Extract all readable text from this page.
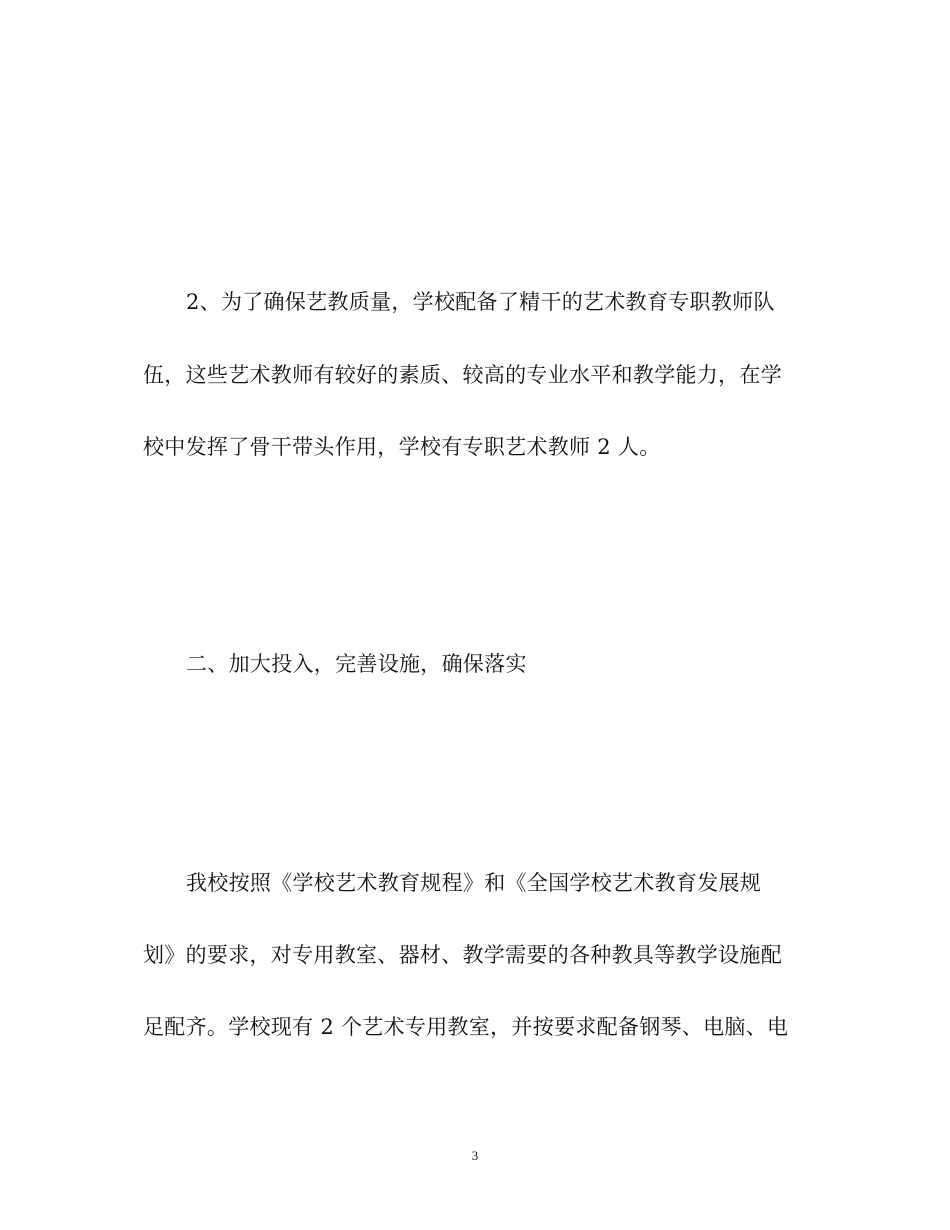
2、为了确保艺教质量，学校配备了精干的艺术教育专职教师队
伍，这些艺术教师有较好的素质、较高的专业水平和教学能力，在学
校中发挥了骨干带头作用，学校有专职艺术教师 2 人。
二、加大投入，完善设施，确保落实
我校按照《学校艺术教育规程》和《全国学校艺术教育发展规
划》的要求，对专用教室、器材、教学需要的各种教具等教学设施配
足配齐。学校现有 2 个艺术专用教室，并按要求配备钢琴、电脑、电
3
